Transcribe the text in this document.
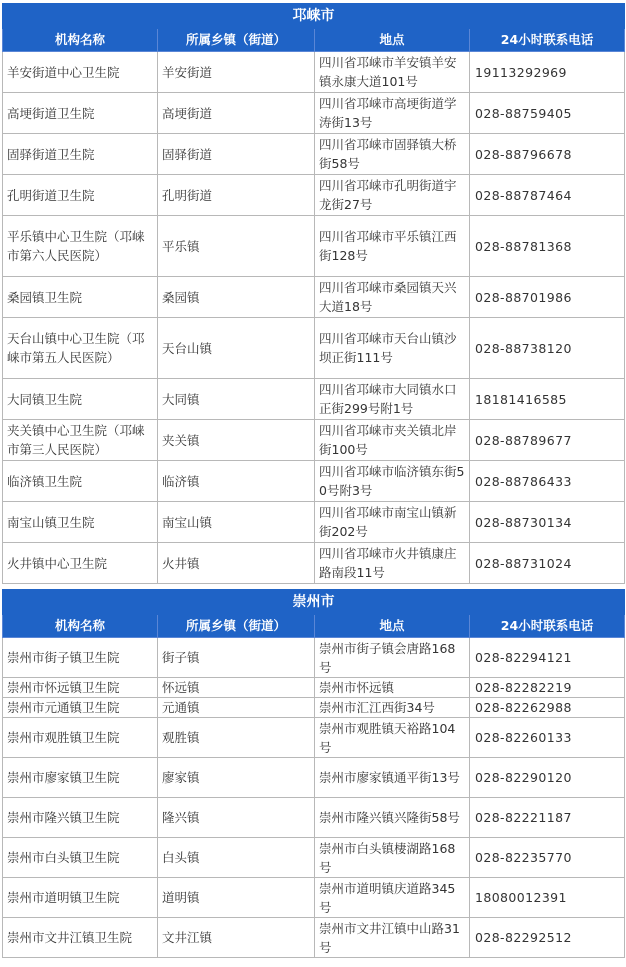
邛崃市			
机构名称	所属乡镇（街道）	地点	24小时联系电话
羊安街道中心卫生院	羊安街道	四川省邛崃市羊安镇羊安镇永康大道101号	19113292969
高埂街道卫生院	高埂街道	四川省邛崃市高埂街道学涛街13号	028-88759405
固驿街道卫生院	固驿街道	四川省邛崃市固驿镇大桥街58号	028-88796678
孔明街道卫生院	孔明街道	四川省邛崃市孔明街道宇龙街27号	028-88787464
平乐镇中心卫生院（邛崃市第六人民医院）	平乐镇	四川省邛崃市平乐镇江西街128号	028-88781368
桑园镇卫生院	桑园镇	四川省邛崃市桑园镇天兴大道18号	028-88701986
天台山镇中心卫生院（邛崃市第五人民医院）	天台山镇	四川省邛崃市天台山镇沙坝正街111号	028-88738120
大同镇卫生院	大同镇	四川省邛崃市大同镇水口正街299号附1号	18181416585
夹关镇中心卫生院（邛崃市第三人民医院）	夹关镇	四川省邛崃市夹关镇北岸街100号	028-88789677
临济镇卫生院	临济镇	四川省邛崃市临济镇东街50号附3号	028-88786433
南宝山镇卫生院	南宝山镇	四川省邛崃市南宝山镇新街202号	028-88730134
火井镇中心卫生院	火井镇	四川省邛崃市火井镇康庄路南段11号	028-88731024
崇州市			
机构名称	所属乡镇（街道）	地点	24小时联系电话
崇州市街子镇卫生院	街子镇	崇州市街子镇会唐路168号	028-82294121
崇州市怀远镇卫生院	怀远镇	崇州市怀远镇	028-82282219
崇州市元通镇卫生院	元通镇	崇州市汇江西街34号	028-82262988
崇州市观胜镇卫生院	观胜镇	崇州市观胜镇天裕路104号	028-82260133
崇州市廖家镇卫生院	廖家镇	崇州市廖家镇通平街13号	028-82290120
崇州市隆兴镇卫生院	隆兴镇	崇州市隆兴镇兴隆街58号	028-82221187
崇州市白头镇卫生院	白头镇	崇州市白头镇棲湖路168号	028-82235770
崇州市道明镇卫生院	道明镇	崇州市道明镇庆道路345号	18080012391
崇州市文井江镇卫生院	文井江镇	崇州市文井江镇中山路31号	028-82292512
